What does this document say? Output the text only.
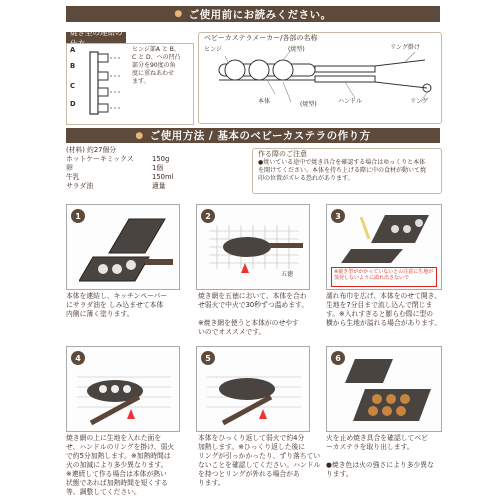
● ご使用前にお読みください。
焼き型の連結の
A
B
C
D
ヒンジ部A と B、
C と D、への凹凸
部分を90度の角
度に重ねあわせ
ます。
ベビーカステラメーカー/各部の名称
ヒンジ	(焼型)
本体	(焼型)	ハンドル
リング掛け
リング
● ご使用方法 / 基本のベビーカステラの作り方
(材料) 約27個分
ホットケーキミックス	150g
卵	1個
牛乳	150ml
サラダ油	適量
作る際のご注意
●焼いている途中で焼き具合を確認する場合はゆっくりと本体
を開けてください。本体を持ち上げる際に中の食材が動いて焼
印の位置がズレる恐れがあります。
1
本体を連結し、キッチンペーパー
にサラダ油を しみ込ませて本体
内側に薄く塗ります。
2
五徳
焼き網を五徳において、本体を合わ
せ弱火で中火で30秒ずつ温めます。
※焼き網を使うと本体がのせやす
いのでオススメです。
3
※焼き型がかかっていないとの注意に生地が蒸発しないように溢れ出さないで
濡れ布巾を広げ、本体をのせて開き、
生地を7分目まで流し込んで閉じま
す。※入れすぎると膨らむ際に型の
横から生地が溢れる場合があります。
4
焼き網の上に生地を入れた面を
せ、ハンドルのリングを掛け、弱火
で約5分加熱します。※加熱時間は
火の加減により多少異なります。
※連続して作る場合は本体が熱い
状態であれば加熱時間を短くする
等、調整してください。
5
本体をひっくり返して弱火で約4分
加熱します。※ひっくり返した後に
リングが引っかかったり、ずり落ちてい
ないことを確認してください。ハンドル
を持つとリングが外れる場合があ
ります。
6
火を止め焼き具合を確認してベビ
ーカステラを取り出します。
●焼き色は火の強さにより多少異な
ります。
